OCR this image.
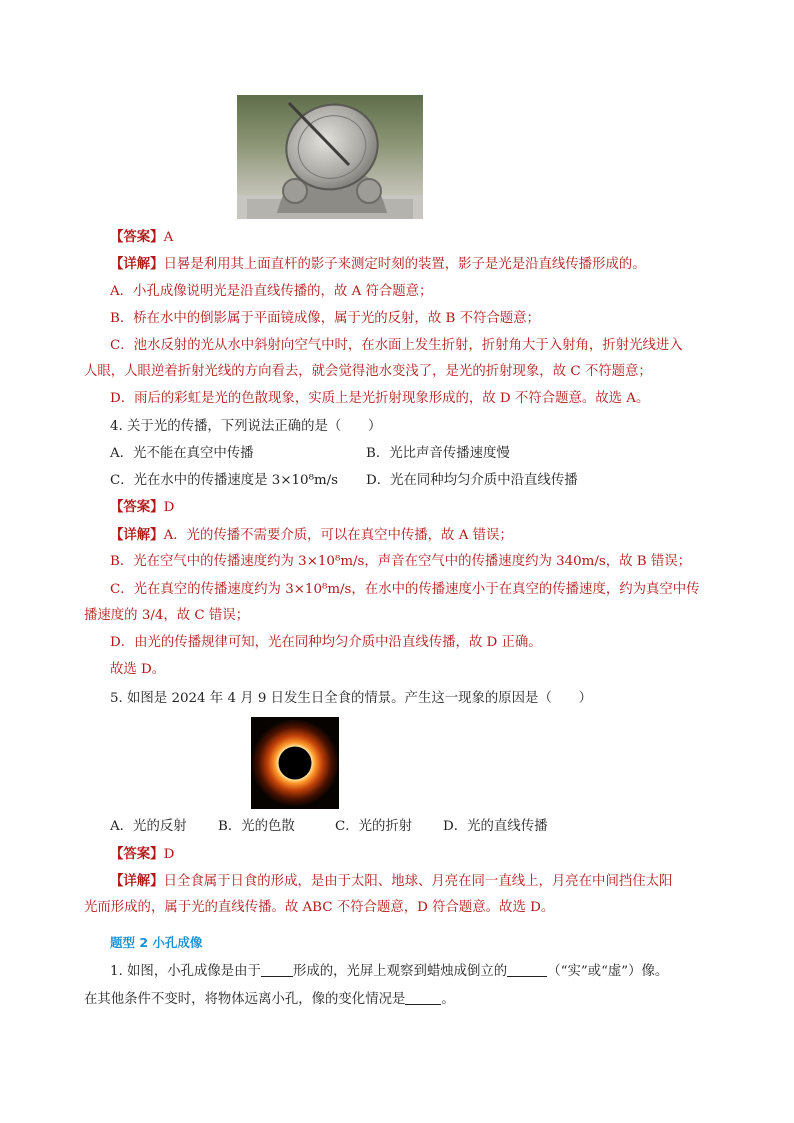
【答案】A
【详解】日晷是利用其上面直杆的影子来测定时刻的装置，影子是光是沿直线传播形成的。
A．小孔成像说明光是沿直线传播的，故 A 符合题意；
B．桥在水中的倒影属于平面镜成像，属于光的反射，故 B 不符合题意；
C．池水反射的光从水中斜射向空气中时，在水面上发生折射，折射角大于入射角，折射光线进入
人眼，人眼逆着折射光线的方向看去，就会觉得池水变浅了，是光的折射现象，故 C 不符题意；
D．雨后的彩虹是光的色散现象，实质上是光折射现象形成的，故 D 不符合题意。故选 A。
4. 关于光的传播，下列说法正确的是（　　）
A．光不能在真空中传播	B．光比声音传播速度慢
C．光在水中的传播速度是 3×10⁸m/s D．光在同种均匀介质中沿直线传播
【答案】D
【详解】A．光的传播不需要介质，可以在真空中传播，故 A 错误；
B．光在空气中的传播速度约为 3×10⁸m/s，声音在空气中的传播速度约为 340m/s，故 B 错误；
C．光在真空的传播速度约为 3×10⁸m/s，在水中的传播速度小于在真空的传播速度，约为真空中传
播速度的 3/4，故 C 错误；
D．由光的传播规律可知，光在同种均匀介质中沿直线传播，故 D 正确。
故选 D。
5. 如图是 2024 年 4 月 9 日发生日全食的情景。产生这一现象的原因是（　　）
A．光的反射 B．光的色散	C．光的折射 D．光的直线传播
【答案】D
【详解】日全食属于日食的形成，是由于太阳、地球、月亮在同一直线上，月亮在中间挡住太阳
光而形成的，属于光的直线传播。故 ABC 不符合题意，D 符合题意。故选 D。
题型 2 小孔成像
1. 如图，小孔成像是由于 形成的，光屏上观察到蜡烛成倒立的	（“实”或“虚”）像。
在其他条件不变时，将物体远离小孔，像的变化情况是	。
